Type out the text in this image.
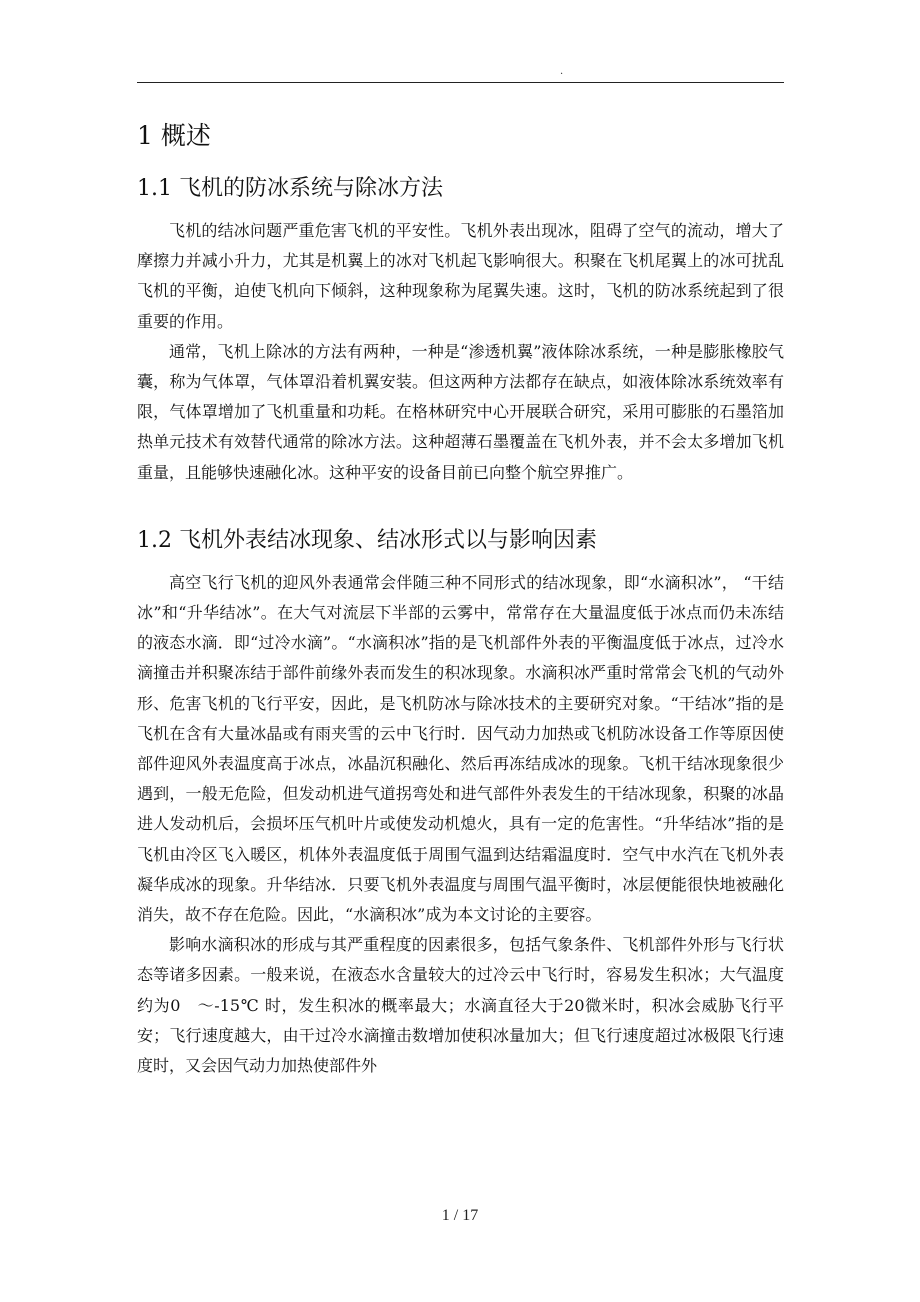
.
1 概述
1.1 飞机的防冰系统与除冰方法

飞机的结冰问题严重危害飞机的平安性。飞机外表出现冰，阻碍了空气的流动，增大了摩擦力并减小升力，尤其是机翼上的冰对飞机起飞影响很大。积聚在飞机尾翼上的冰可扰乱飞机的平衡，迫使飞机向下倾斜，这种现象称为尾翼失速。这时，飞机的防冰系统起到了很重要的作用。

通常，飞机上除冰的方法有两种，一种是“渗透机翼”液体除冰系统，一种是膨胀橡胶气囊，称为气体罩，气体罩沿着机翼安装。但这两种方法都存在缺点，如液体除冰系统效率有限，气体罩增加了飞机重量和功耗。在格林研究中心开展联合研究，采用可膨胀的石墨箔加热单元技术有效替代通常的除冰方法。这种超薄石墨覆盖在飞机外表，并不会太多增加飞机重量，且能够快速融化冰。这种平安的设备目前已向整个航空界推广。

1.2 飞机外表结冰现象、结冰形式以与影响因素

高空飞行飞机的迎风外表通常会伴随三种不同形式的结冰现象，即“水滴积冰”， “干结冰”和“升华结冰”。在大气对流层下半部的云雾中，常常存在大量温度低于冰点而仍未冻结的液态水滴．即“过冷水滴”。“水滴积冰”指的是飞机部件外表的平衡温度低于冰点，过冷水滴撞击并积聚冻结于部件前缘外表而发生的积冰现象。水滴积冰严重时常常会飞机的气动外形、危害飞机的飞行平安，因此，是飞机防冰与除冰技术的主要研究对象。“干结冰”指的是飞机在含有大量冰晶或有雨夹雪的云中飞行时．因气动力加热或飞机防冰设备工作等原因使部件迎风外表温度高于冰点，冰晶沉积融化、然后再冻结成冰的现象。飞机干结冰现象很少遇到，一般无危险，但发动机进气道拐弯处和进气部件外表发生的干结冰现象，积聚的冰晶进人发动机后，会损坏压气机叶片或使发动机熄火，具有一定的危害性。“升华结冰”指的是飞机由冷区飞入暖区，机体外表温度低于周围气温到达结霜温度时．空气中水汽在飞机外表凝华成冰的现象。升华结冰．只要飞机外表温度与周围气温平衡时，冰层便能很快地被融化消失，故不存在危险。因此，“水滴积冰”成为本文讨论的主要容。

影响水滴积冰的形成与其严重程度的因素很多，包括气象条件、飞机部件外形与飞行状态等诸多因素。一般来说，在液态水含量较大的过冷云中飞行时，容易发生积冰；大气温度约为0　～-15℃ 时，发生积冰的概率最大；水滴直径大于20微米时，积冰会威胁飞行平安；飞行速度越大，由干过冷水滴撞击数增加使积冰量加大；但飞行速度超过冰极限飞行速度时，又会因气动力加热使部件外

1 / 17
